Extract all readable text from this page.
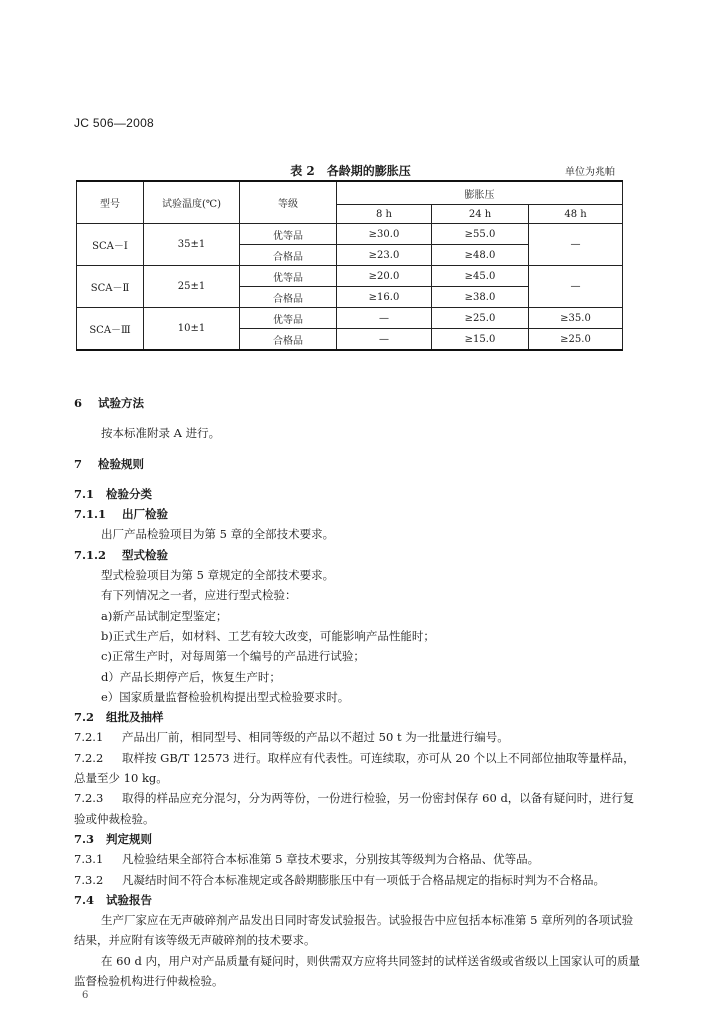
JC 506—2008
表 2　各龄期的膨胀压	单位为兆帕
型号	试验温度(℃)	等级	膨胀压		
			8 h	24 h	48 h
SCA－Ⅰ	35±1	优等品	≥30.0	≥55.0	—
		合格品	≥23.0	≥48.0	
SCA－Ⅱ	25±1	优等品	≥20.0	≥45.0	—
		合格品	≥16.0	≥38.0	
SCA－Ⅲ	10±1	优等品	—	≥25.0	≥35.0
		合格品	—	≥15.0	≥25.0

6 试验方法

按本标准附录 A 进行。

7 检验规则

7.1 检验分类

7.1.1 出厂检验

出厂产品检验项目为第 5 章的全部技术要求。

7.1.2 型式检验

型式检验项目为第 5 章规定的全部技术要求。

有下列情况之一者，应进行型式检验：

a)新产品试制定型鉴定；

b)正式生产后，如材料、工艺有较大改变，可能影响产品性能时；

c)正常生产时，对每周第一个编号的产品进行试验；

d）产品长期停产后，恢复生产时；

e）国家质量监督检验机构提出型式检验要求时。

7.2 组批及抽样

7.2.1 产品出厂前，相同型号、相同等级的产品以不超过 50 t 为一批量进行编号。

7.2.2 取样按 GB/T 12573 进行。取样应有代表性。可连续取，亦可从 20 个以上不同部位抽取等量样品，总量至少 10 kg。

7.2.3 取得的样品应充分混匀，分为两等份，一份进行检验，另一份密封保存 60 d，以备有疑问时，进行复验或仲裁检验。

7.3 判定规则

7.3.1 凡检验结果全部符合本标准第 5 章技术要求，分别按其等级判为合格品、优等品。

7.3.2 凡凝结时间不符合本标准规定或各龄期膨胀压中有一项低于合格品规定的指标时判为不合格品。

7.4 试验报告

生产厂家应在无声破碎剂产品发出日同时寄发试验报告。试验报告中应包括本标准第 5 章所列的各项试验结果，并应附有该等级无声破碎剂的技术要求。

在 60 d 内，用户对产品质量有疑问时，则供需双方应将共同签封的试样送省级或省级以上国家认可的质量监督检验机构进行仲裁检验。

6
